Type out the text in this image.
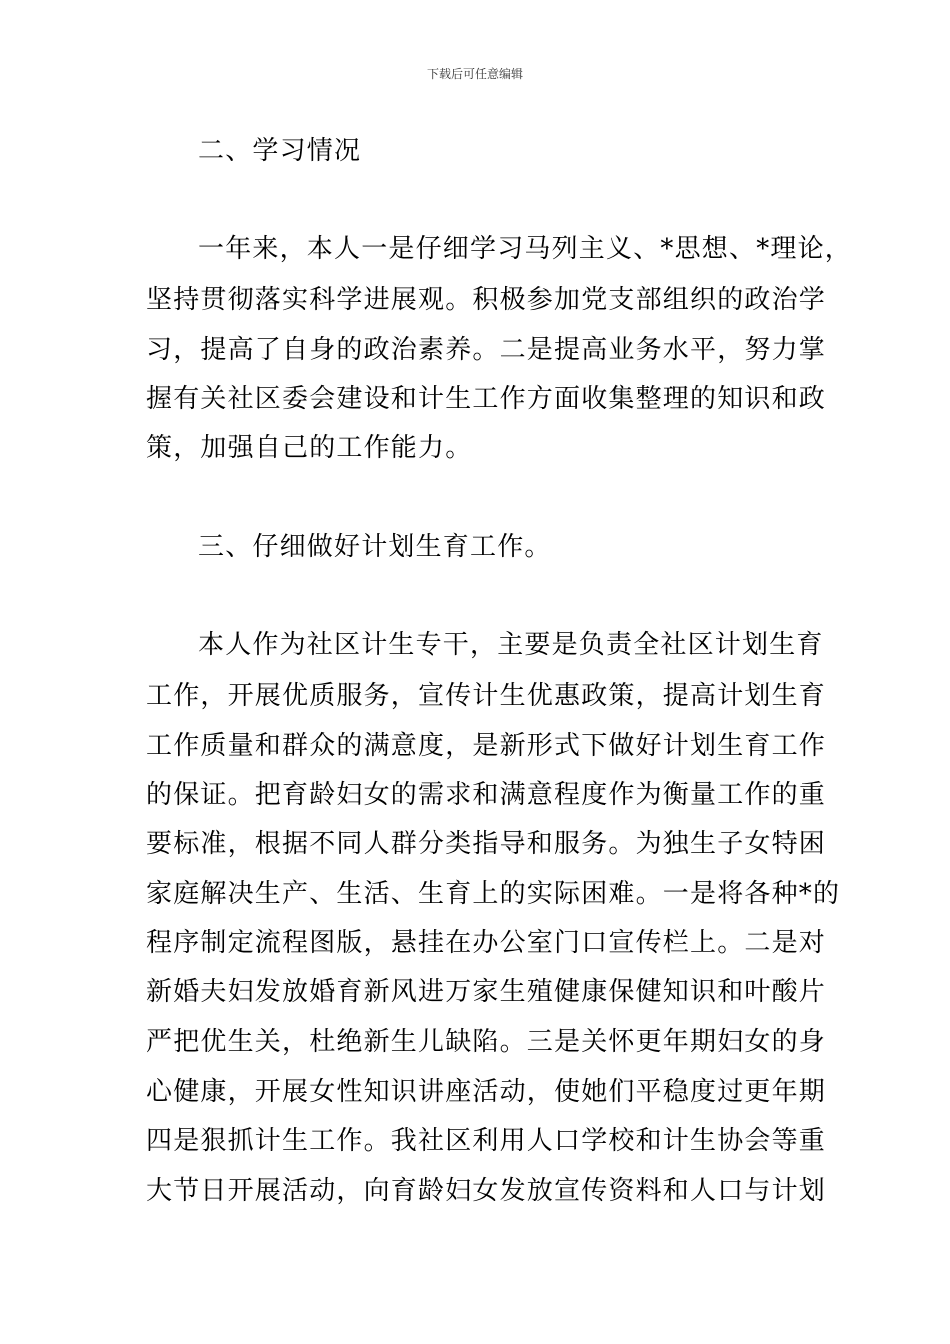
下载后可任意编辑
二、学习情况
一年来，本人一是仔细学习马列主义、*思想、*理论，
坚持贯彻落实科学进展观。积极参加党支部组织的政治学
习，提高了自身的政治素养。二是提高业务水平，努力掌
握有关社区委会建设和计生工作方面收集整理的知识和政
策，加强自己的工作能力。
三、仔细做好计划生育工作。
本人作为社区计生专干，主要是负责全社区计划生育
工作，开展优质服务，宣传计生优惠政策，提高计划生育
工作质量和群众的满意度，是新形式下做好计划生育工作
的保证。把育龄妇女的需求和满意程度作为衡量工作的重
要标准，根据不同人群分类指导和服务。为独生子女特困
家庭解决生产、生活、生育上的实际困难。一是将各种*的
程序制定流程图版，悬挂在办公室门口宣传栏上。二是对
新婚夫妇发放婚育新风进万家生殖健康保健知识和叶酸片
严把优生关，杜绝新生儿缺陷。三是关怀更年期妇女的身
心健康，开展女性知识讲座活动，使她们平稳度过更年期
四是狠抓计生工作。我社区利用人口学校和计生协会等重
大节日开展活动，向育龄妇女发放宣传资料和人口与计划
